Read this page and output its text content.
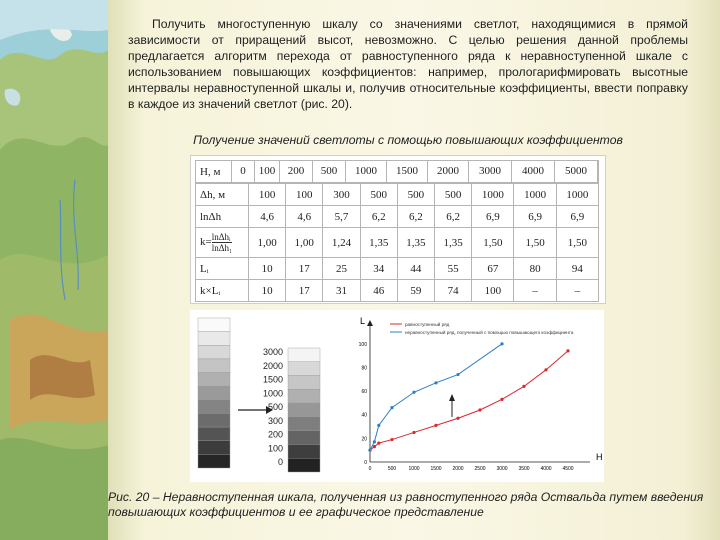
Получить многоступенную шкалу со значениями светлот, находящимися в прямой зависимости от приращений высот, невозможно. С целью решения данной проблемы предлагается алгоритм перехода от равноступенного ряда к неравноступенной шкале с использованием повышающих коэффициентов: например, прологарифмировать высотные интервалы неравноступенной шкалы и, получив относительные коэффициенты, ввести поправку в каждое из значений светлот (рис. 20).
Получение значений светлоты с помощью повышающих коэффициентов
H, м	0	100	200	500	1000	1500	2000	3000	4000	5000
Δh, м	100	100	300	500	500	500	1000	1000	1000
lnΔh	4,6	4,6	5,7	6,2	6,2	6,2	6,9	6,9	6,9
$k= \frac{\text{lnΔhᵢ}}{\text{lnΔh₁}}$	1,00	1,00	1,24	1,35	1,35	1,35	1,50	1,50	1,50
Lᵢ	10	17	25	34	44	55	67	80	94
k×Lᵢ	10	17	31	46	59	74	100	–	–
3000
2000
1500
1000
500
300
200
100
0
H
L
0	500 1000 1500 2000 2500 3000 3500 4000 4500
0
20
40
60
80
100
равноступенный ряд
неравноступенный ряд, полученный с помощью повышающего коэффициента
Рис. 20 – Неравноступенная шкала, полученная из равноступенного ряда Оствальда путем введения повышающих коэффициентов и ее графическое представление
